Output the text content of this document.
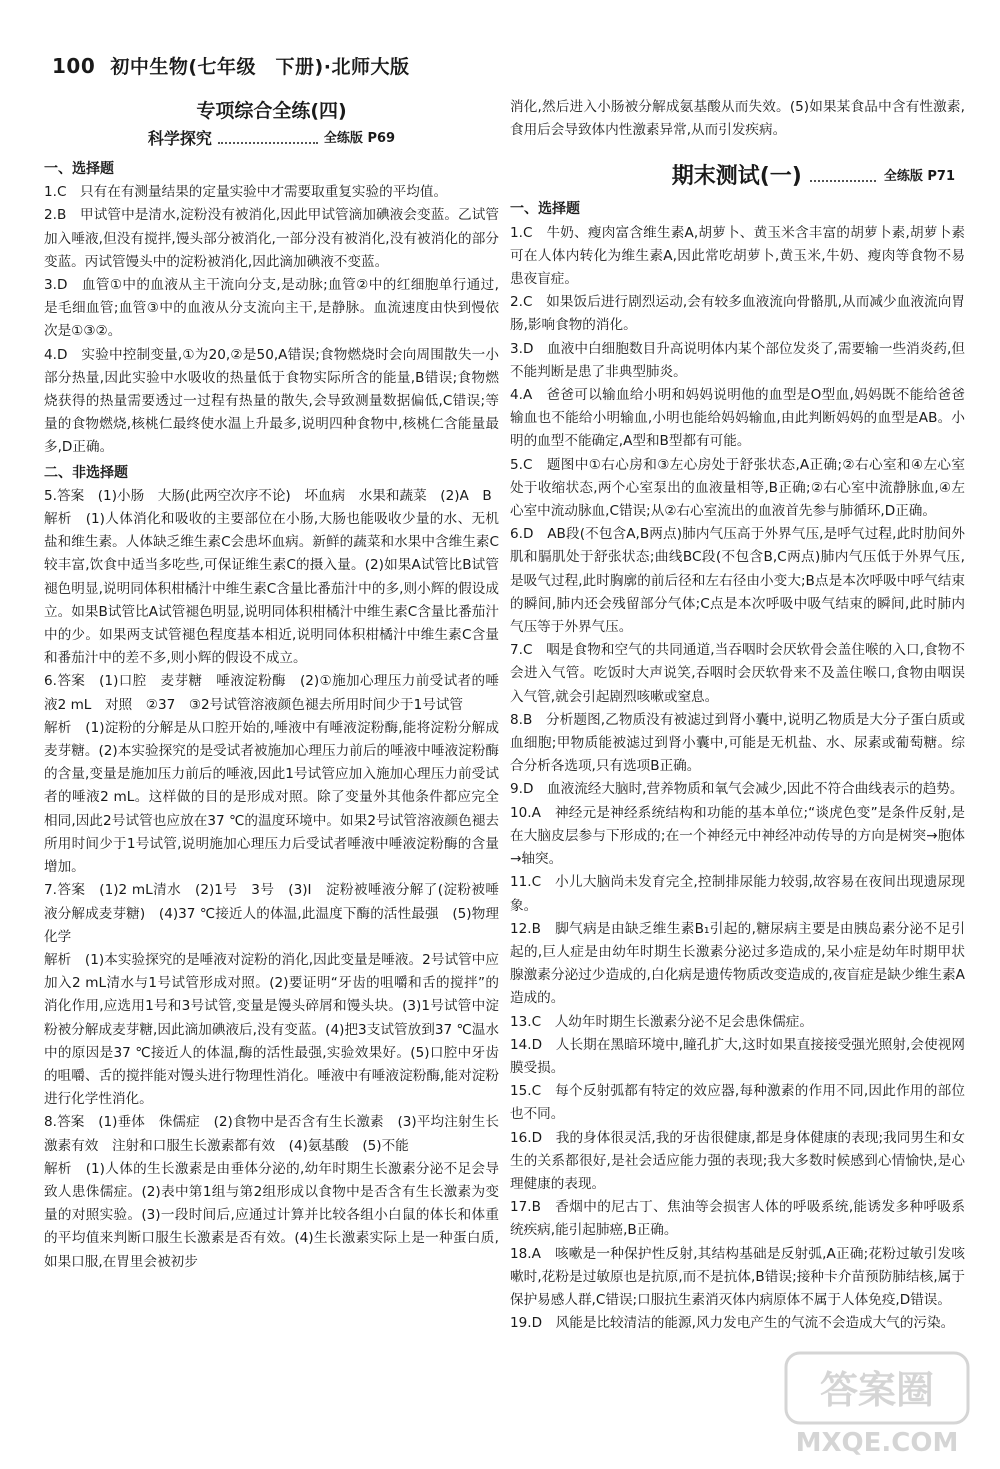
100 初中生物(七年级　下册)·北师大版
专项综合全练(四)
科学探究	全练版 P69
一、选择题

1.C　只有在有测量结果的定量实验中才需要取重复实验的平均值。

2.B　甲试管中是清水,淀粉没有被消化,因此甲试管滴加碘液会变蓝。乙试管加入唾液,但没有搅拌,馒头部分被消化,一部分没有被消化,没有被消化的部分变蓝。丙试管馒头中的淀粉被消化,因此滴加碘液不变蓝。

3.D　血管①中的血液从主干流向分支,是动脉;血管②中的红细胞单行通过,是毛细血管;血管③中的血液从分支流向主干,是静脉。血流速度由快到慢依次是①③②。

4.D　实验中控制变量,①为20,②是50,A错误;食物燃烧时会向周围散失一小部分热量,因此实验中水吸收的热量低于食物实际所含的能量,B错误;食物燃烧获得的热量需要透过一过程有热量的散失,会导致测量数据偏低,C错误;等量的食物燃烧,核桃仁最终使水温上升最多,说明四种食物中,核桃仁含能量最多,D正确。

二、非选择题

5.答案　(1)小肠　大肠(此两空次序不论)　坏血病　水果和蔬菜　(2)A　B

解析　(1)人体消化和吸收的主要部位在小肠,大肠也能吸收少量的水、无机盐和维生素。人体缺乏维生素C会患坏血病。新鲜的蔬菜和水果中含维生素C较丰富,饮食中适当多吃些,可保证维生素C的摄入量。(2)如果A试管比B试管褪色明显,说明同体积柑橘汁中维生素C含量比番茄汁中的多,则小辉的假设成立。如果B试管比A试管褪色明显,说明同体积柑橘汁中维生素C含量比番茄汁中的少。如果两支试管褪色程度基本相近,说明同体积柑橘汁中维生素C含量和番茄汁中的差不多,则小辉的假设不成立。

6.答案　(1)口腔　麦芽糖　唾液淀粉酶　(2)①施加心理压力前受试者的唾液2 mL　对照　②37　③2号试管溶液颜色褪去所用时间少于1号试管

解析　(1)淀粉的分解是从口腔开始的,唾液中有唾液淀粉酶,能将淀粉分解成麦芽糖。(2)本实验探究的是受试者被施加心理压力前后的唾液中唾液淀粉酶的含量,变量是施加压力前后的唾液,因此1号试管应加入施加心理压力前受试者的唾液2 mL。这样做的目的是形成对照。除了变量外其他条件都应完全相同,因此2号试管也应放在37 ℃的温度环境中。如果2号试管溶液颜色褪去所用时间少于1号试管,说明施加心理压力后受试者唾液中唾液淀粉酶的含量增加。

7.答案　(1)2 mL清水　(2)1号　3号　(3)I　淀粉被唾液分解了(淀粉被唾液分解成麦芽糖)　(4)37 ℃接近人的体温,此温度下酶的活性最强　(5)物理　化学

解析　(1)本实验探究的是唾液对淀粉的消化,因此变量是唾液。2号试管中应加入2 mL清水与1号试管形成对照。(2)要证明“牙齿的咀嚼和舌的搅拌”的消化作用,应选用1号和3号试管,变量是馒头碎屑和馒头块。(3)1号试管中淀粉被分解成麦芽糖,因此滴加碘液后,没有变蓝。(4)把3支试管放到37 ℃温水中的原因是37 ℃接近人的体温,酶的活性最强,实验效果好。(5)口腔中牙齿的咀嚼、舌的搅拌能对馒头进行物理性消化。唾液中有唾液淀粉酶,能对淀粉进行化学性消化。

8.答案　(1)垂体　侏儒症　(2)食物中是否含有生长激素　(3)平均注射生长激素有效　注射和口服生长激素都有效　(4)氨基酸　(5)不能

解析　(1)人体的生长激素是由垂体分泌的,幼年时期生长激素分泌不足会导致人患侏儒症。(2)表中第1组与第2组形成以食物中是否含有生长激素为变量的对照实验。(3)一段时间后,应通过计算并比较各组小白鼠的体长和体重的平均值来判断口服生长激素是否有效。(4)生长激素实际上是一种蛋白质,如果口服,在胃里会被初步

消化,然后进入小肠被分解成氨基酸从而失效。(5)如果某食品中含有性激素,食用后会导致体内性激素异常,从而引发疾病。

期末测试(一)	全练版 P71
一、选择题

1.C　牛奶、瘦肉富含维生素A,胡萝卜、黄玉米含丰富的胡萝卜素,胡萝卜素可在人体内转化为维生素A,因此常吃胡萝卜,黄玉米,牛奶、瘦肉等食物不易患夜盲症。

2.C　如果饭后进行剧烈运动,会有较多血液流向骨骼肌,从而减少血液流向胃肠,影响食物的消化。

3.D　血液中白细胞数目升高说明体内某个部位发炎了,需要输一些消炎药,但不能判断是患了非典型肺炎。

4.A　爸爸可以输血给小明和妈妈说明他的血型是O型血,妈妈既不能给爸爸输血也不能给小明输血,小明也能给妈妈输血,由此判断妈妈的血型是AB。小明的血型不能确定,A型和B型都有可能。

5.C　题图中①右心房和③左心房处于舒张状态,A正确;②右心室和④左心室处于收缩状态,两个心室泵出的血液量相等,B正确;②右心室中流静脉血,④左心室中流动脉血,C错误;从②右心室流出的血液首先参与肺循环,D正确。

6.D　AB段(不包含A,B两点)肺内气压高于外界气压,是呼气过程,此时肋间外肌和膈肌处于舒张状态;曲线BC段(不包含B,C两点)肺内气压低于外界气压,是吸气过程,此时胸廓的前后径和左右径由小变大;B点是本次呼吸中呼气结束的瞬间,肺内还会残留部分气体;C点是本次呼吸中吸气结束的瞬间,此时肺内气压等于外界气压。

7.C　咽是食物和空气的共同通道,当吞咽时会厌软骨会盖住喉的入口,食物不会进入气管。吃饭时大声说笑,吞咽时会厌软骨来不及盖住喉口,食物由咽误入气管,就会引起剧烈咳嗽或窒息。

8.B　分析题图,乙物质没有被滤过到肾小囊中,说明乙物质是大分子蛋白质或血细胞;甲物质能被滤过到肾小囊中,可能是无机盐、水、尿素或葡萄糖。综合分析各选项,只有选项B正确。

9.D　血液流经大脑时,营养物质和氧气会减少,因此不符合曲线表示的趋势。

10.A　神经元是神经系统结构和功能的基本单位;“谈虎色变”是条件反射,是在大脑皮层参与下形成的;在一个神经元中神经冲动传导的方向是树突→胞体→轴突。

11.C　小儿大脑尚未发育完全,控制排尿能力较弱,故容易在夜间出现遗尿现象。

12.B　脚气病是由缺乏维生素B₁引起的,糖尿病主要是由胰岛素分泌不足引起的,巨人症是由幼年时期生长激素分泌过多造成的,呆小症是幼年时期甲状腺激素分泌过少造成的,白化病是遗传物质改变造成的,夜盲症是缺少维生素A造成的。

13.C　人幼年时期生长激素分泌不足会患侏儒症。

14.D　人长期在黑暗环境中,瞳孔扩大,这时如果直接接受强光照射,会使视网膜受损。

15.C　每个反射弧都有特定的效应器,每种激素的作用不同,因此作用的部位也不同。

16.D　我的身体很灵活,我的牙齿很健康,都是身体健康的表现;我同男生和女生的关系都很好,是社会适应能力强的表现;我大多数时候感到心情愉快,是心理健康的表现。

17.B　香烟中的尼古丁、焦油等会损害人体的呼吸系统,能诱发多种呼吸系统疾病,能引起肺癌,B正确。

18.A　咳嗽是一种保护性反射,其结构基础是反射弧,A正确;花粉过敏引发咳嗽时,花粉是过敏原也是抗原,而不是抗体,B错误;接种卡介苗预防肺结核,属于保护易感人群,C错误;口服抗生素消灭体内病原体不属于人体免疫,D错误。

19.D　风能是比较清洁的能源,风力发电产生的气流不会造成大气的污染。

答案圈
MXQE.COM
